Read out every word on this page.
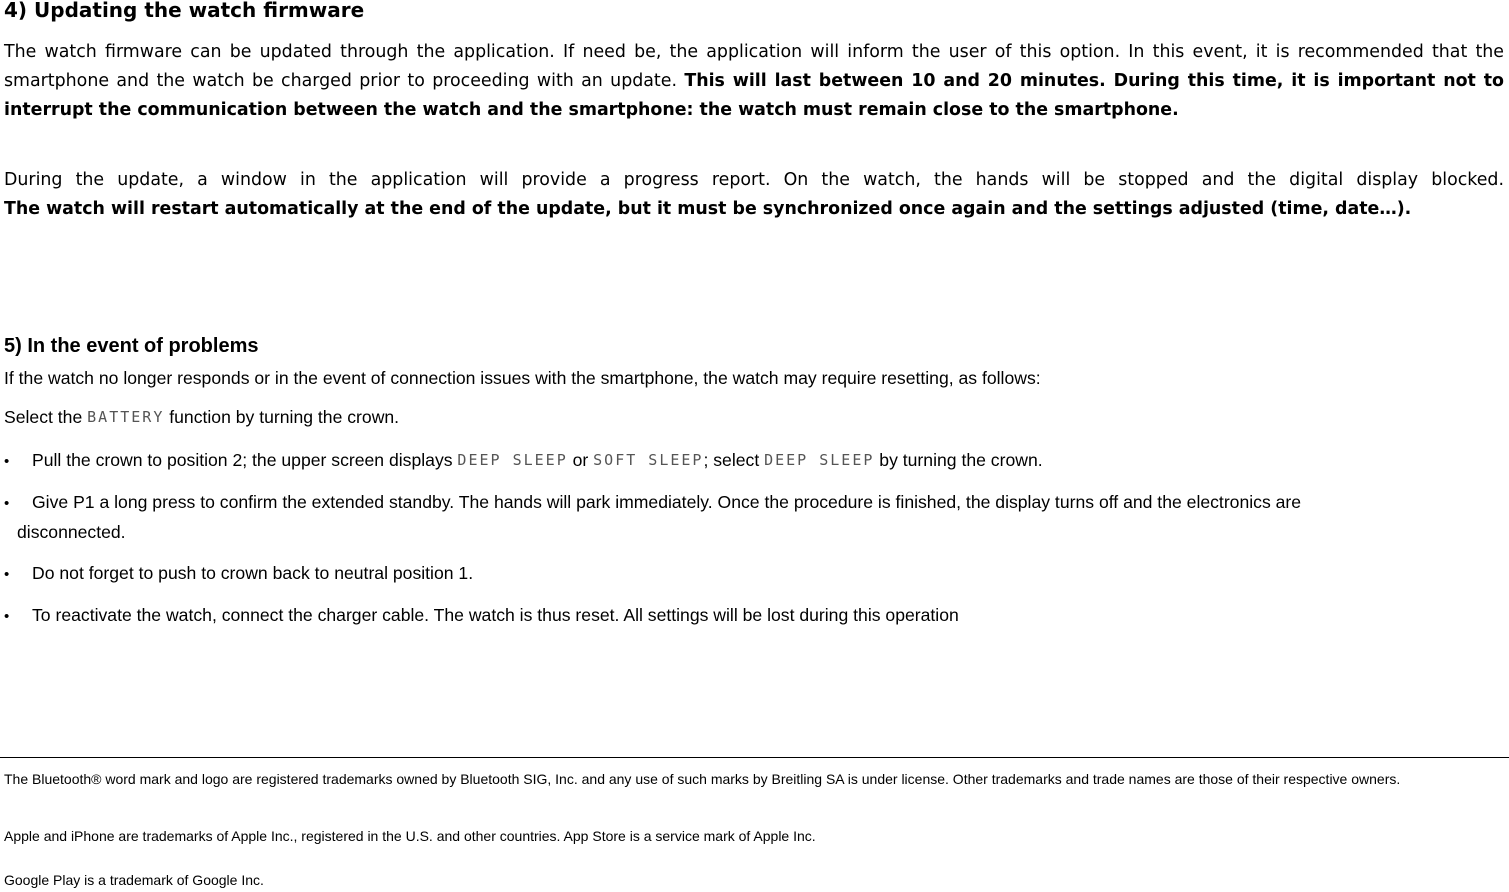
4) Updating the watch firmware

The watch firmware can be updated through the application. If need be, the application will inform the user of this option. In this event, it is recommended that the smartphone and the watch be charged prior to proceeding with an update. This will last between 10 and 20 minutes. During this time, it is important not to interrupt the communication between the watch and the smartphone: the watch must remain close to the smartphone.

During the update, a window in the application will provide a progress report. On the watch, the hands will be stopped and the digital display blocked.
The watch will restart automatically at the end of the update, but it must be synchronized once again and the settings adjusted (time, date…).

5) In the event of problems

If the watch no longer responds or in the event of connection issues with the smartphone, the watch may require resetting, as follows:

Select the BATTERY function by turning the crown.

• Pull the crown to position 2; the upper screen displays DEEP SLEEP or SOFT SLEEP; select DEEP SLEEP by turning the crown.
• Give P1 a long press to confirm the extended standby. The hands will park immediately. Once the procedure is finished, the display turns off and the electronics are
disconnected.
• Do not forget to push to crown back to neutral position 1.
• To reactivate the watch, connect the charger cable. The watch is thus reset. All settings will be lost during this operation

The Bluetooth® word mark and logo are registered trademarks owned by Bluetooth SIG, Inc. and any use of such marks by Breitling SA is under license. Other trademarks and trade names are those of their respective owners.

Apple and iPhone are trademarks of Apple Inc., registered in the U.S. and other countries. App Store is a service mark of Apple Inc.

Google Play is a trademark of Google Inc.
